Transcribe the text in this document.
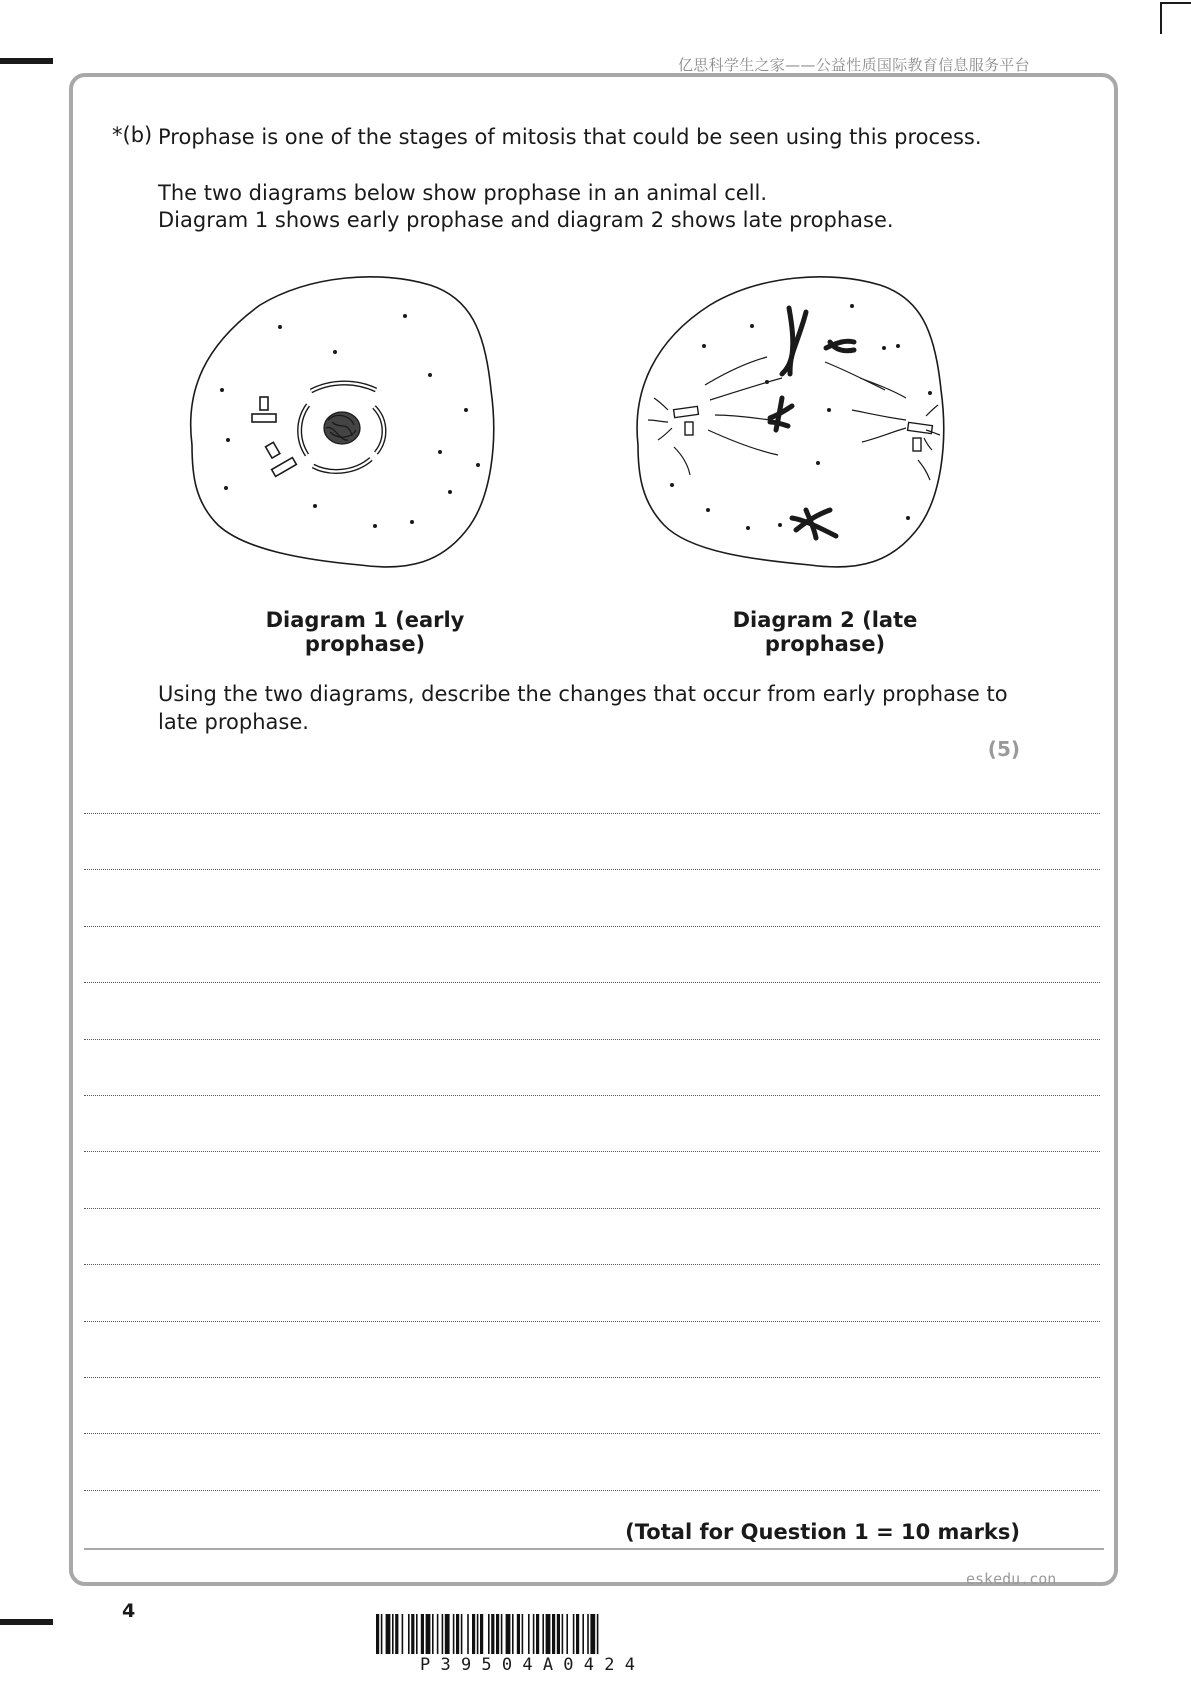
亿思科学生之家——公益性质国际教育信息服务平台
*(b) Prophase is one of the stages of mitosis that could be seen using this process.
The two diagrams below show prophase in an animal cell.
Diagram 1 shows early prophase and diagram 2 shows late prophase.
Diagram 1 (early prophase)
Diagram 2 (late prophase)
Using the two diagrams, describe the changes that occur from early prophase to
late prophase.
(5)
(Total for Question 1 = 10 marks)
eskedu.con
4
P 3 9 5 0 4 A 0 4 2 4
